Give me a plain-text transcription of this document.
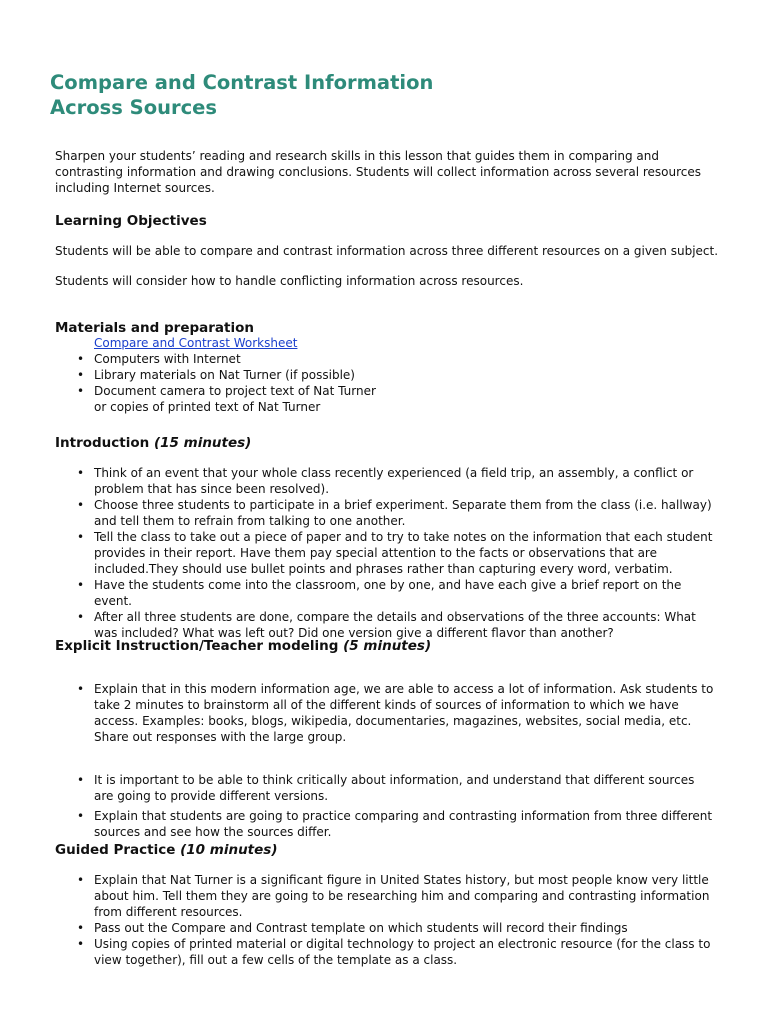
Compare and Contrast Information
Across Sources

Sharpen your students’ reading and research skills in this lesson that guides them in comparing and contrasting information and drawing conclusions. Students will collect information across several resources including Internet sources.

Learning Objectives

Students will be able to compare and contrast information across three different resources on a given subject.

Students will consider how to handle conflicting information across resources.

Materials and preparation
Compare and Contrast Worksheet
• Computers with Internet
• Library materials on Nat Turner (if possible)
• Document camera to project text of Nat Turner
or copies of printed text of Nat Turner
Introduction (15 minutes)
• Think of an event that your whole class recently experienced (a field trip, an assembly, a conflict or problem that has since been resolved).
• Choose three students to participate in a brief experiment. Separate them from the class (i.e. hallway) and tell them to refrain from talking to one another.
• Tell the class to take out a piece of paper and to try to take notes on the information that each student provides in their report. Have them pay special attention to the facts or observations that are included.They should use bullet points and phrases rather than capturing every word, verbatim.
• Have the students come into the classroom, one by one, and have each give a brief report on the event.
• After all three students are done, compare the details and observations of the three accounts: What was included? What was left out? Did one version give a different flavor than another?
Explicit Instruction/Teacher modeling (5 minutes)
• Explain that in this modern information age, we are able to access a lot of information. Ask students to take 2 minutes to brainstorm all of the different kinds of sources of information to which we have access. Examples: books, blogs, wikipedia, documentaries, magazines, websites, social media, etc. Share out responses with the large group.
• It is important to be able to think critically about information, and understand that different sources are going to provide different versions.
• Explain that students are going to practice comparing and contrasting information from three different sources and see how the sources differ.
Guided Practice (10 minutes)
• Explain that Nat Turner is a significant figure in United States history, but most people know very little about him. Tell them they are going to be researching him and comparing and contrasting information from different resources.
• Pass out the Compare and Contrast template on which students will record their findings
• Using copies of printed material or digital technology to project an electronic resource (for the class to view together), fill out a few cells of the template as a class.
